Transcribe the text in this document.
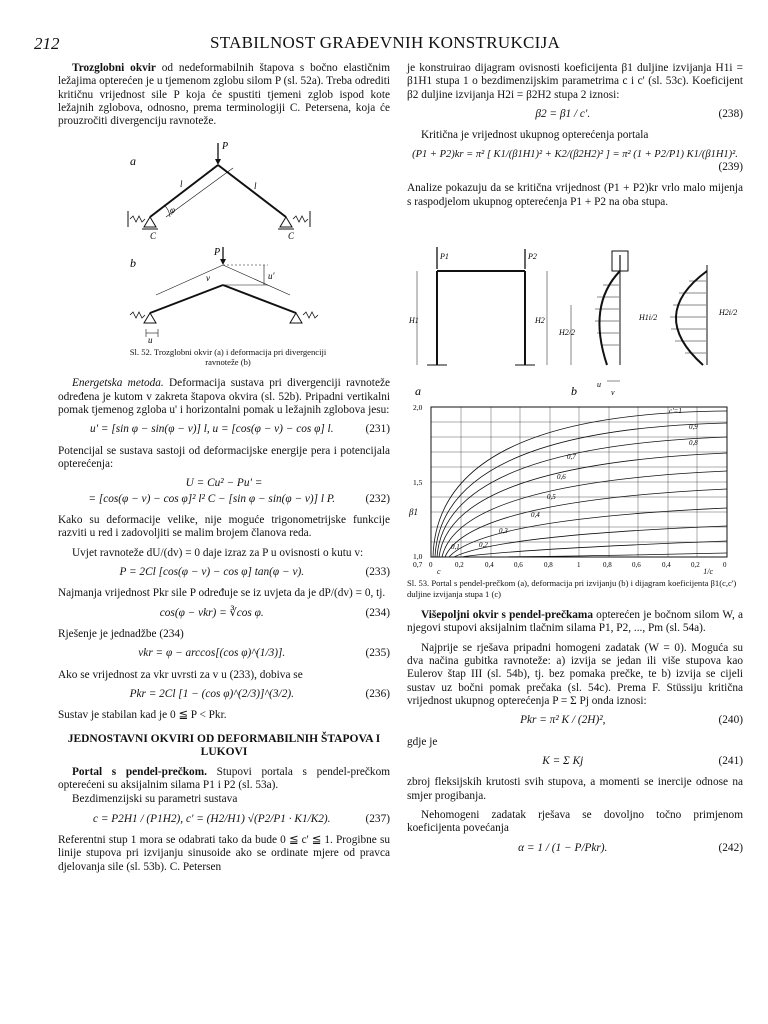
212	STABILNOST GRAĐEVNIH KONSTRUKCIJA

Trozglobni okvir od nedeformabilnih štapova s bočno elastičnim ležajima opterećen je u tjemenom zglobu silom P (sl. 52a). Treba odrediti kritičnu vrijednost sile P koja će spustiti tjemeni zglob ispod kote ležajnih zglobova, odnosno, prema terminologiji C. Petersena, koja će prouzročiti divergenciju ravnoteže.

a
P
l	l
φ
C	C
b
P
u'
v
u
Sl. 52. Trozglobni okvir (a) i deformacija pri divergenciji ravnoteže (b)

Energetska metoda. Deformacija sustava pri divergenciji ravnoteže određena je kutom v zakreta štapova okvira (sl. 52b). Pripadni vertikalni pomak tjemenog zgloba u' i horizontalni pomak u ležajnih zglobova jesu:

u' = [sin φ − sin(φ − v)] l, u = [cos(φ − v) − cos φ] l.	(231)

Potencijal se sustava sastoji od deformacijske energije pera i potencijala opterećenja:

U = Cu² − Pu' =
= [cos(φ − v) − cos φ]² l² C − [sin φ − sin(φ − v)] l P.	(232)

Kako su deformacije velike, nije moguće trigonometrijske funkcije razviti u red i zadovoljiti se malim brojem članova reda.

Uvjet ravnoteže dU/(dv) = 0 daje izraz za P u ovisnosti o kutu v:

P = 2Cl [cos(φ − v) − cos φ] tan(φ − v).	(233)

Najmanja vrijednost Pkr sile P određuje se iz uvjeta da je dP/(dv) = 0, tj.

cos(φ − vkr) = ∛cos φ.	(234)

Rješenje je jednadžbe (234)

vkr = φ − arccos[(cos φ)^(1/3)].	(235)

Ako se vrijednost za vkr uvrsti za v u (233), dobiva se

Pkr = 2Cl [1 − (cos φ)^(2/3)]^(3/2).	(236)

Sustav je stabilan kad je 0 ≦ P < Pkr.

JEDNOSTAVNI OKVIRI OD DEFORMABILNIH ŠTAPOVA I LUKOVI

Portal s pendel-prečkom. Stupovi portala s pendel-prečkom opterećeni su aksijalnim silama P1 i P2 (sl. 53a).

Bezdimenzijski su parametri sustava

c = P2H1 / (P1H2), c' = (H2/H1) √(P2/P1 · K1/K2).	(237)

Referentni stup 1 mora se odabrati tako da bude 0 ≦ c' ≦ 1. Progibne su linije stupova pri izvijanju sinusoide ako se ordinate mjere od pravca djelovanja sile (sl. 53b). C. Petersen

je konstruirao dijagram ovisnosti koeficijenta β1 duljine izvijanja H1i = β1H1 stupa 1 o bezdimenzijskim parametrima c i c' (sl. 53c). Koeficijent β2 duljine izvijanja H2i = β2H2 stupa 2 iznosi:

β2 = β1 / c'.	(238)

Kritična je vrijednost ukupnog opterećenja portala

(P1 + P2)kr = π² [ K1/(β1H1)² + K2/(β2H2)² ] = π² (1 + P2/P1) K1/(β1H1)².
(239)

Analize pokazuju da se kritična vrijednost (P1 + P2)kr vrlo malo mijenja s raspodjelom ukupnog opterećenja P1 + P2 na oba stupa.

P1	P2
H1	H2
H2/2
a
H1i/2
H2i/2
u
v
b
c'=1
0,9
0,8
0,7
0,6
0,5
0,4
0,3
0,2
0,1
2,0
1,5
1,0
0,7
β1
0	0,2	0,4	0,6	0,8	1	0,8	0,6	0,4	0,2	0
c	1/c
Sl. 53. Portal s pendel-prečkom (a), deformacija pri izvijanju (b) i dijagram koeficijenta β1(c,c') duljine izvijanja stupa 1 (c)

Višepoljni okvir s pendel-prečkama opterećen je bočnom silom W, a njegovi stupovi aksijalnim tlačnim silama P1, P2, ..., Pm (sl. 54a).

Najprije se rješava pripadni homogeni zadatak (W = 0). Moguća su dva načina gubitka ravnoteže: a) izvija se jedan ili više stupova kao Eulerov štap III (sl. 54b), tj. bez pomaka prečke, te b) izvija se cijeli sustav uz bočni pomak prečaka (sl. 54c). Prema F. Stüssiju kritična vrijednost ukupnog opterećenja P = Σ Pj onda iznosi:

Pkr = π² K / (2H)²,	(240)

gdje je

K = Σ Kj	(241)

zbroj fleksijskih krutosti svih stupova, a momenti se inercije odnose na smjer progibanja.

Nehomogeni zadatak rješava se dovoljno točno primjenom koeficijenta povećanja

α = 1 / (1 − P/Pkr).	(242)
